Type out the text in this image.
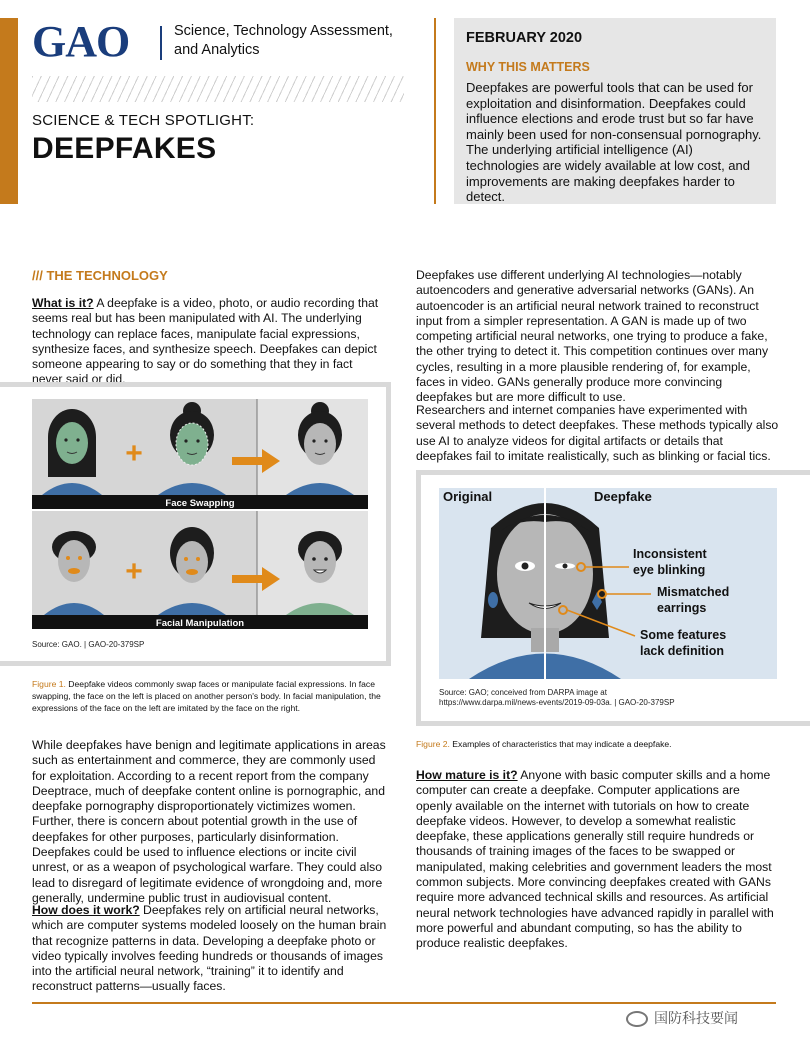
GAO	Science, Technology Assessment,
and Analytics
SCIENCE & TECH SPOTLIGHT:
DEEPFAKES
FEBRUARY 2020
WHY THIS MATTERS
Deepfakes are powerful tools that can be used for exploitation and disinformation. Deepfakes could influence elections and erode trust but so far have mainly been used for non-consensual pornography. The underlying artificial intelligence (AI) technologies are widely available at low cost, and improvements are making deepfakes harder to detect.
/// THE TECHNOLOGY
What is it? A deepfake is a video, photo, or audio recording that seems real but has been manipulated with AI. The underlying technology can replace faces, manipulate facial expressions, synthesize faces, and synthesize speech. Deepfakes can depict someone appearing to say or do something that they in fact never said or did.
+
Face Swapping
+
Facial Manipulation
Source: GAO. | GAO-20-379SP
Figure 1. Deepfake videos commonly swap faces or manipulate facial expressions. In face swapping, the face on the left is placed on another person's body. In facial manipulation, the expressions of the face on the left are imitated by the face on the right.
While deepfakes have benign and legitimate applications in areas such as entertainment and commerce, they are commonly used for exploitation. According to a recent report from the company Deeptrace, much of deepfake content online is pornographic, and deepfake pornography disproportionately victimizes women. Further, there is concern about potential growth in the use of deepfakes for other purposes, particularly disinformation. Deepfakes could be used to influence elections or incite civil unrest, or as a weapon of psychological warfare. They could also lead to disregard of legitimate evidence of wrongdoing and, more generally, undermine public trust in audiovisual content.
How does it work? Deepfakes rely on artificial neural networks, which are computer systems modeled loosely on the human brain that recognize patterns in data. Developing a deepfake photo or video typically involves feeding hundreds or thousands of images into the artificial neural network, “training” it to identify and reconstruct patterns—usually faces.
Deepfakes use different underlying AI technologies—notably autoencoders and generative adversarial networks (GANs). An autoencoder is an artificial neural network trained to reconstruct input from a simpler representation. A GAN is made up of two competing artificial neural networks, one trying to produce a fake, the other trying to detect it. This competition continues over many cycles, resulting in a more plausible rendering of, for example, faces in video. GANs generally produce more convincing deepfakes but are more difficult to use.
Researchers and internet companies have experimented with several methods to detect deepfakes. These methods typically also use AI to analyze videos for digital artifacts or details that deepfakes fail to imitate realistically, such as blinking or facial tics.
Original	Deepfake
Inconsistent
eye blinking
Mismatched
earrings
Some features
lack definition
Source: GAO; conceived from DARPA image at
https://www.darpa.mil/news-events/2019-09-03a. | GAO-20-379SP
Figure 2. Examples of characteristics that may indicate a deepfake.
How mature is it? Anyone with basic computer skills and a home computer can create a deepfake. Computer applications are openly available on the internet with tutorials on how to create deepfake videos. However, to develop a somewhat realistic deepfake, these applications generally still require hundreds or thousands of training images of the faces to be swapped or manipulated, making celebrities and government leaders the most common subjects. More convincing deepfakes created with GANs require more advanced technical skills and resources. As artificial neural network technologies have advanced rapidly in parallel with more powerful and abundant computing, so has the ability to produce realistic deepfakes.
国防科技要闻
